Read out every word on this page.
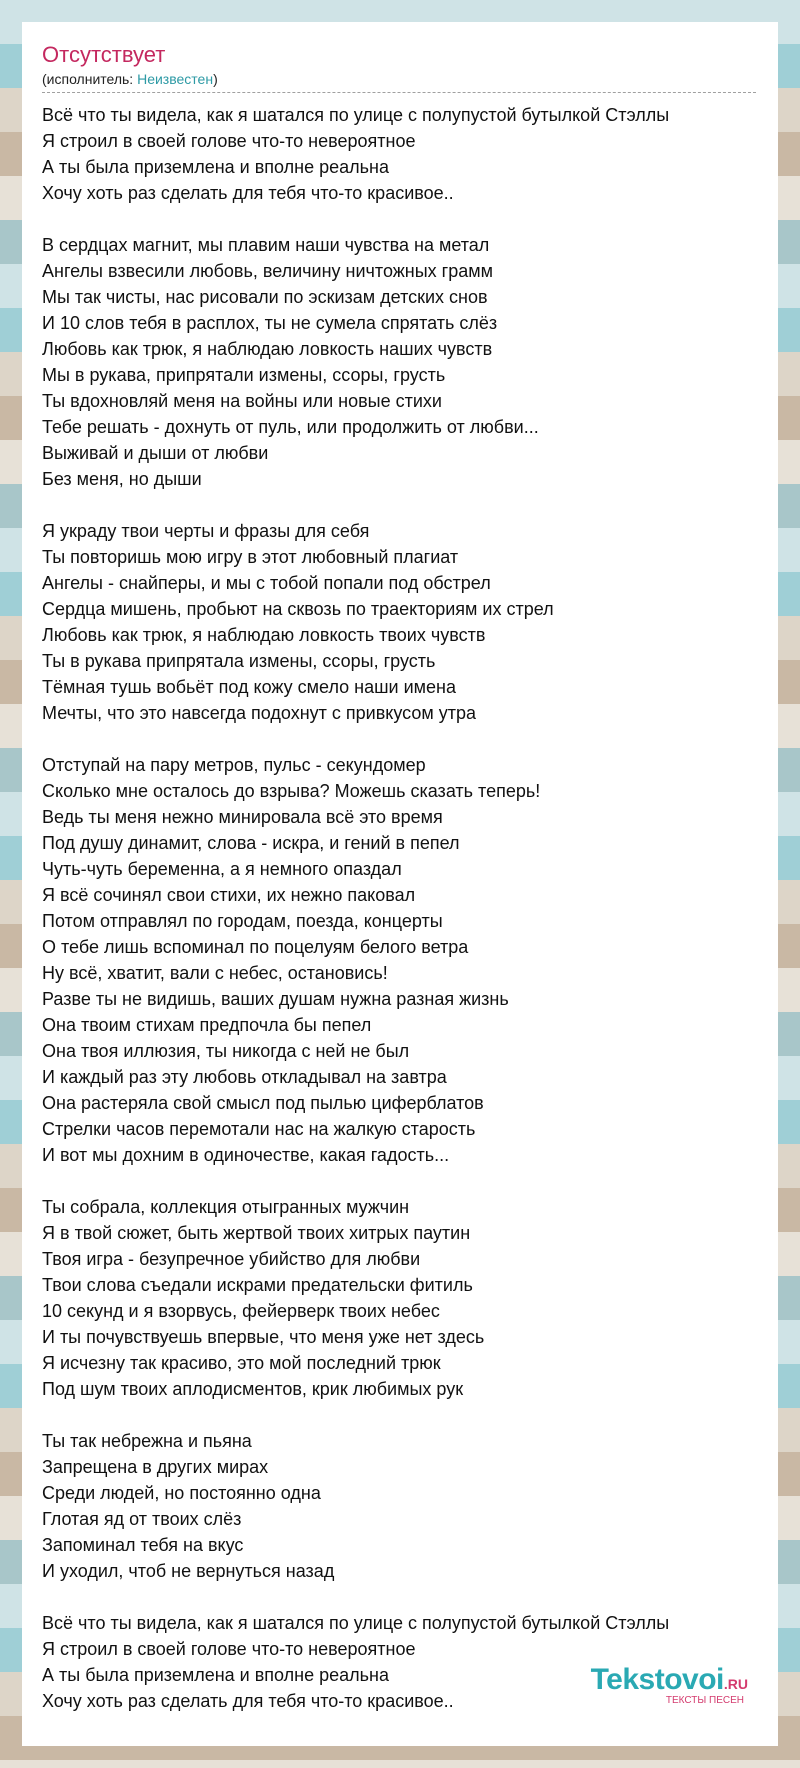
Отсутствует
(исполнитель: Неизвестен)
Всё что ты видела, как я шатался по улице с полупустой бутылкой Стэллы
Я строил в своей голове что-то невероятное
А ты была приземлена и вполне реальна
Хочу хоть раз сделать для тебя что-то красивое..
В сердцах магнит, мы плавим наши чувства на метал
Ангелы взвесили любовь, величину ничтожных грамм
Мы так чисты, нас рисовали по эскизам детских снов
И 10 слов тебя в расплох, ты не сумела спрятать слёз
Любовь как трюк, я наблюдаю ловкость наших чувств
Мы в рукава, припрятали измены, ссоры, грусть
Ты вдохновляй меня на войны или новые стихи
Тебе решать - дохнуть от пуль, или продолжить от любви...
Выживай и дыши от любви
Без меня, но дыши
Я украду твои черты и фразы для себя
Ты повторишь мою игру в этот любовный плагиат
Ангелы - снайперы, и мы с тобой попали под обстрел
Сердца мишень, пробьют на сквозь по траекториям их стрел
Любовь как трюк, я наблюдаю ловкость твоих чувств
Ты в рукава припрятала измены, ссоры, грусть
Тёмная тушь вобьёт под кожу смело наши имена
Мечты, что это навсегда подохнут с привкусом утра
Отступай на пару метров, пульс - секундомер
Сколько мне осталось до взрыва? Можешь сказать теперь!
Ведь ты меня нежно минировала всё это время
Под душу динамит, слова - искра, и гений в пепел
Чуть-чуть беременна, а я немного опаздал
Я всё сочинял свои стихи, их нежно паковал
Потом отправлял по городам, поезда, концерты
О тебе лишь вспоминал по поцелуям белого ветра
Ну всё, хватит, вали с небес, остановись!
Разве ты не видишь, ваших душам нужна разная жизнь
Она твоим стихам предпочла бы пепел
Она твоя иллюзия, ты никогда с ней не был
И каждый раз эту любовь откладывал на завтра
Она растеряла свой смысл под пылью циферблатов
Стрелки часов перемотали нас на жалкую старость
И вот мы дохним в одиночестве, какая гадость...
Ты собрала, коллекция отыгранных мужчин
Я в твой сюжет, быть жертвой твоих хитрых паутин
Твоя игра - безупречное убийство для любви
Твои слова съедали искрами предательски фитиль
10 секунд и я взорвусь, фейерверк твоих небес
И ты почувствуешь впервые, что меня уже нет здесь
Я исчезну так красиво, это мой последний трюк
Под шум твоих аплодисментов, крик любимых рук
Ты так небрежна и пьяна
Запрещена в других мирах
Среди людей, но постоянно одна
Глотая яд от твоих слёз
Запоминал тебя на вкус
И уходил, чтоб не вернуться назад
Всё что ты видела, как я шатался по улице с полупустой бутылкой Стэллы
Я строил в своей голове что-то невероятное
А ты была приземлена и вполне реальна
Хочу хоть раз сделать для тебя что-то красивое..
Tekstovoi.RU
ТЕКСТЫ ПЕСЕН
